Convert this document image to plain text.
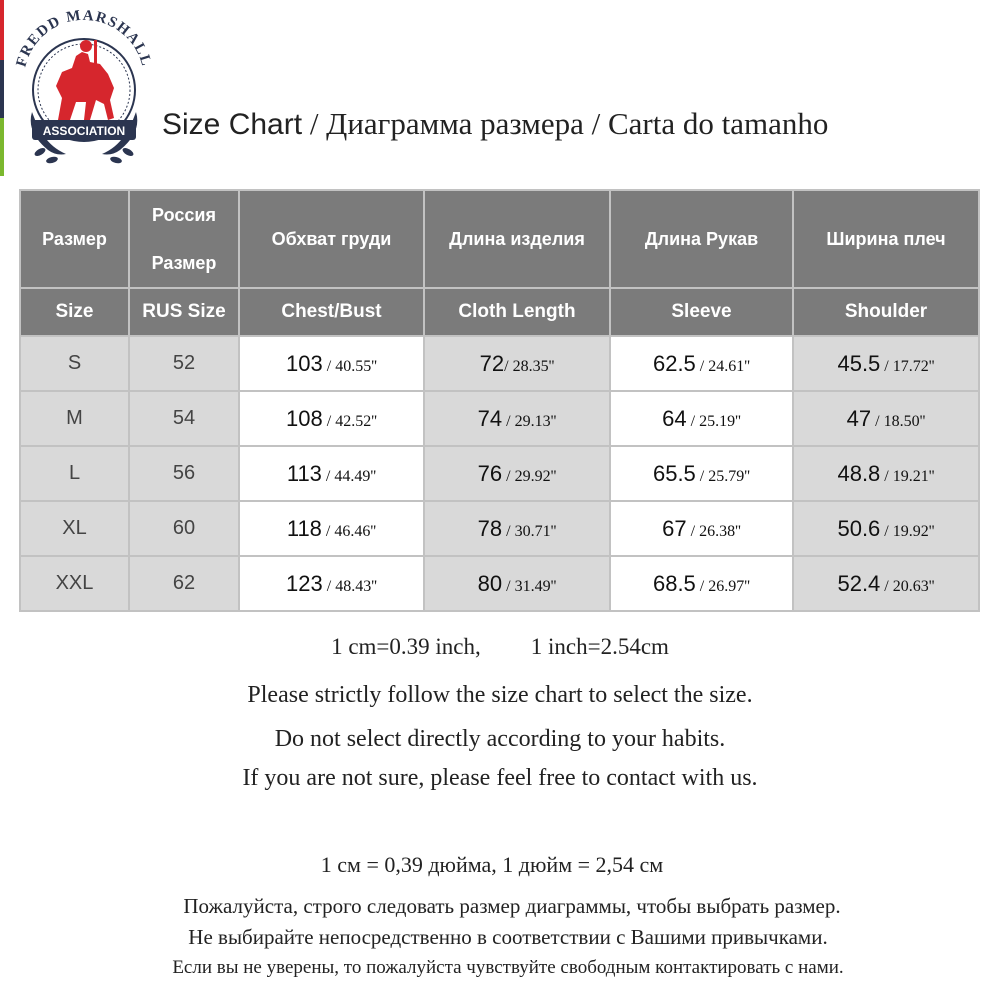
FREDD MARSHALL
ASSOCIATION Size Chart / Диаграмма размера / Carta do tamanho
Размер	Россия Размер	Обхват груди	Длина изделия	Длина Рукав	Ширина плеч
Size	RUS Size	Chest/Bust	Cloth Length	Sleeve	Shoulder
S	52	103 / 40.55''	72/ 28.35''	62.5 / 24.61''	45.5 / 17.72''
M	54	108 / 42.52''	74 / 29.13''	64 / 25.19''	47 / 18.50''
L	56	113 / 44.49''	76 / 29.92''	65.5 / 25.79''	48.8 / 19.21''
XL	60	118 / 46.46''	78 / 30.71''	67 / 26.38''	50.6 / 19.92''
XXL	62	123 / 48.43''	80 / 31.49''	68.5 / 26.97''	52.4 / 20.63''
1 cm=0.39 inch, 1 inch=2.54cm
Please strictly follow the size chart to select the size.
Do not select directly according to your habits.
If you are not sure, please feel free to contact with us.
1 см = 0,39 дюйма, 1 дюйм = 2,54 см
Пожалуйста, строго следовать размер диаграммы, чтобы выбрать размер.
Не выбирайте непосредственно в соответствии с Вашими привычками.
Если вы не уверены, то пожалуйста чувствуйте свободным контактировать с нами.
